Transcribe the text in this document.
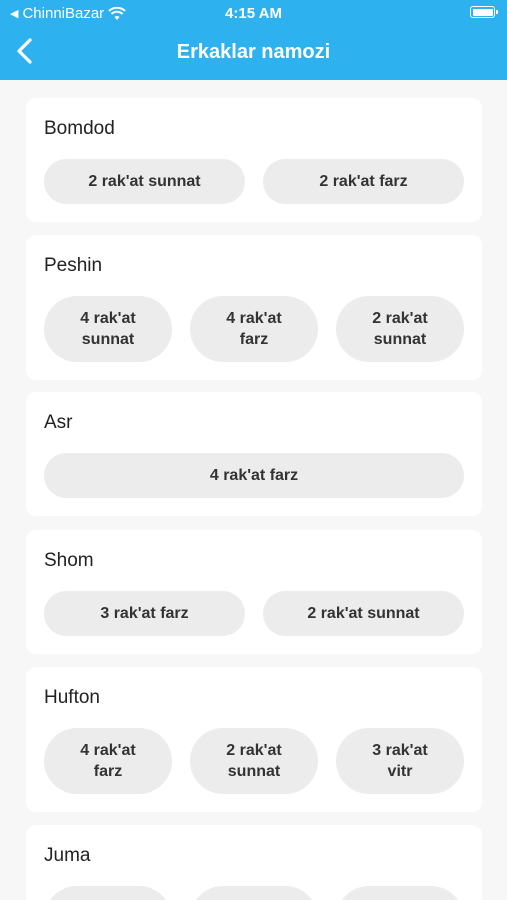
◀ ChinniBazar	4:15 AM
Erkaklar namozi
Bomdod
2 rak'at sunnat	2 rak'at farz
Peshin
4 rak'at
sunnat
4 rak'at
farz
2 rak'at
sunnat
Asr
4 rak'at farz
Shom
3 rak'at farz	2 rak'at sunnat
Hufton
4 rak'at
farz
2 rak'at
sunnat
3 rak'at
vitr
Juma
